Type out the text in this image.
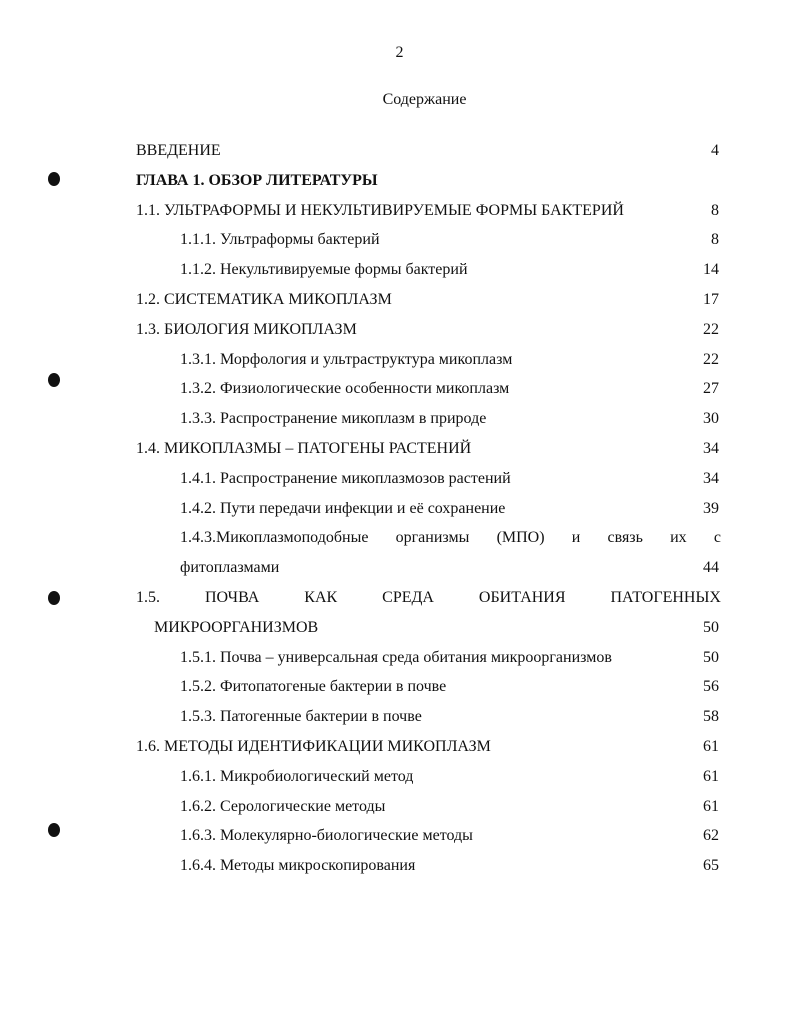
2
Содержание
ВВЕДЕНИЕ	4
ГЛАВА 1. ОБЗОР ЛИТЕРАТУРЫ
1.1. УЛЬТРАФОРМЫ И НЕКУЛЬТИВИРУЕМЫЕ ФОРМЫ БАКТЕРИЙ	8
1.1.1. Ультраформы бактерий	8
1.1.2. Некультивируемые формы бактерий	14
1.2. СИСТЕМАТИКА МИКОПЛАЗМ	17
1.3. БИОЛОГИЯ МИКОПЛАЗМ	22
1.3.1. Морфология и ультраструктура микоплазм	22
1.3.2. Физиологические особенности микоплазм	27
1.3.3. Распространение микоплазм в природе	30
1.4. МИКОПЛАЗМЫ – ПАТОГЕНЫ РАСТЕНИЙ	34
1.4.1. Распространение микоплазмозов растений	34
1.4.2. Пути передачи инфекции и её сохранение	39
1.4.3.Микоплазмоподобные организмы (МПО) и связь их с
фитоплазмами	44
1.5.	ПОЧВА	КАК	СРЕДА	ОБИТАНИЯ	ПАТОГЕННЫХ
МИКРООРГАНИЗМОВ	50
1.5.1. Почва – универсальная среда обитания микроорганизмов	50
1.5.2. Фитопатогеные бактерии в почве	56
1.5.3. Патогенные бактерии в почве	58
1.6. МЕТОДЫ ИДЕНТИФИКАЦИИ МИКОПЛАЗМ	61
1.6.1. Микробиологический метод	61
1.6.2. Серологические методы	61
1.6.3. Молекулярно-биологические методы	62
1.6.4. Методы микроскопирования	65
